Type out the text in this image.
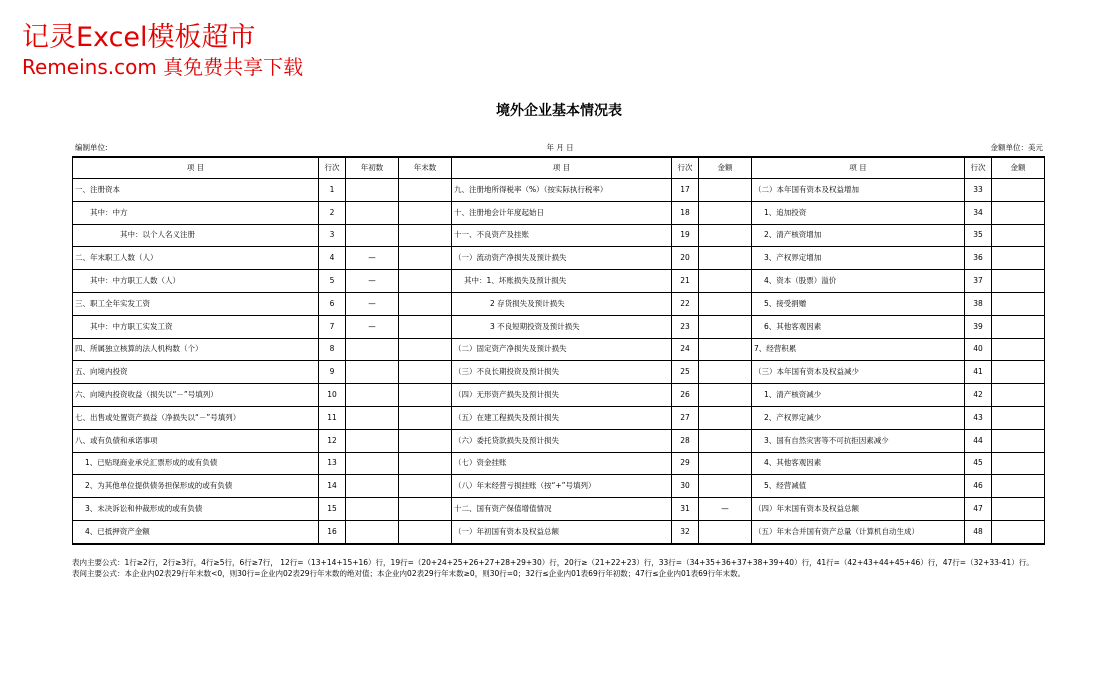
记灵Excel模板超市
Remeins.com 真免费共享下载
境外企业基本情况表
编制单位:	年 月 日	金额单位：美元
项 目	行次	年初数	年末数	项 目	行次	金额	项 目	行次	金额
一、注册资本	1			九、注册地所得税率（%）（按实际执行税率）	17		（二）本年国有资本及权益增加	33	
其中：中方	2			十、注册地会计年度起始日	18		1、追加投资	34	
其中：以个人名义注册	3			十一、不良资产及挂账	19		2、清产核资增加	35	
二、年末职工人数（人）	4	—		（一）流动资产净损失及预计损失	20		3、产权界定增加	36	
其中：中方职工人数（人）	5	—		其中：1、坏账损失及预计损失	21		4、资本（股票）溢价	37	
三、职工全年实发工资	6	—		2 存货损失及预计损失	22		5、接受捐赠	38	
其中：中方职工实发工资	7	—		3 不良短期投资及预计损失	23		6、其他客观因素	39	
四、所属独立核算的法人机构数（个）	8			（二）固定资产净损失及预计损失	24		7、经营积累	40	
五、向境内投资	9			（三）不良长期投资及预计损失	25		（三）本年国有资本及权益减少	41	
六、向境内投资收益（损失以“－”号填列）	10			（四）无形资产损失及预计损失	26		1、清产核资减少	42	
七、出售或处置资产损益（净损失以“－”号填列）	11			（五）在建工程损失及预计损失	27		2、产权界定减少	43	
八、或有负债和承诺事项	12			（六）委托贷款损失及预计损失	28		3、国有自然灾害等不可抗拒因素减少	44	
1、已贴现商业承兑汇票形成的或有负债	13			（七）资金挂账	29		4、其他客观因素	45	
2、为其他单位提供债务担保形成的或有负债	14			（八）年末经营亏损挂账（按“+”号填列）	30		5、经营减值	46	
3、未决诉讼和仲裁形成的或有负债	15			十二、国有资产保值增值情况	31	—	（四）年末国有资本及权益总额	47	
4、已抵押资产金额	16			（一）年初国有资本及权益总额	32		（五）年末合并国有资产总量（计算机自动生成）	48	
表内主要公式：1行≥2行，2行≥3行，4行≥5行，6行≥7行， 12行=（13+14+15+16）行，19行=（20+24+25+26+27+28+29+30）行，20行≥（21+22+23）行，33行=（34+35+36+37+38+39+40）行，41行=（42+43+44+45+46）行，47行=（32+33-41）行。
表间主要公式：本企业内02表29行年末数<0，则30行=企业内02表29行年末数的绝对值；本企业内02表29行年末数≥0，则30行=0；32行≤企业内01表69行年初数；47行≤企业内01表69行年末数。
